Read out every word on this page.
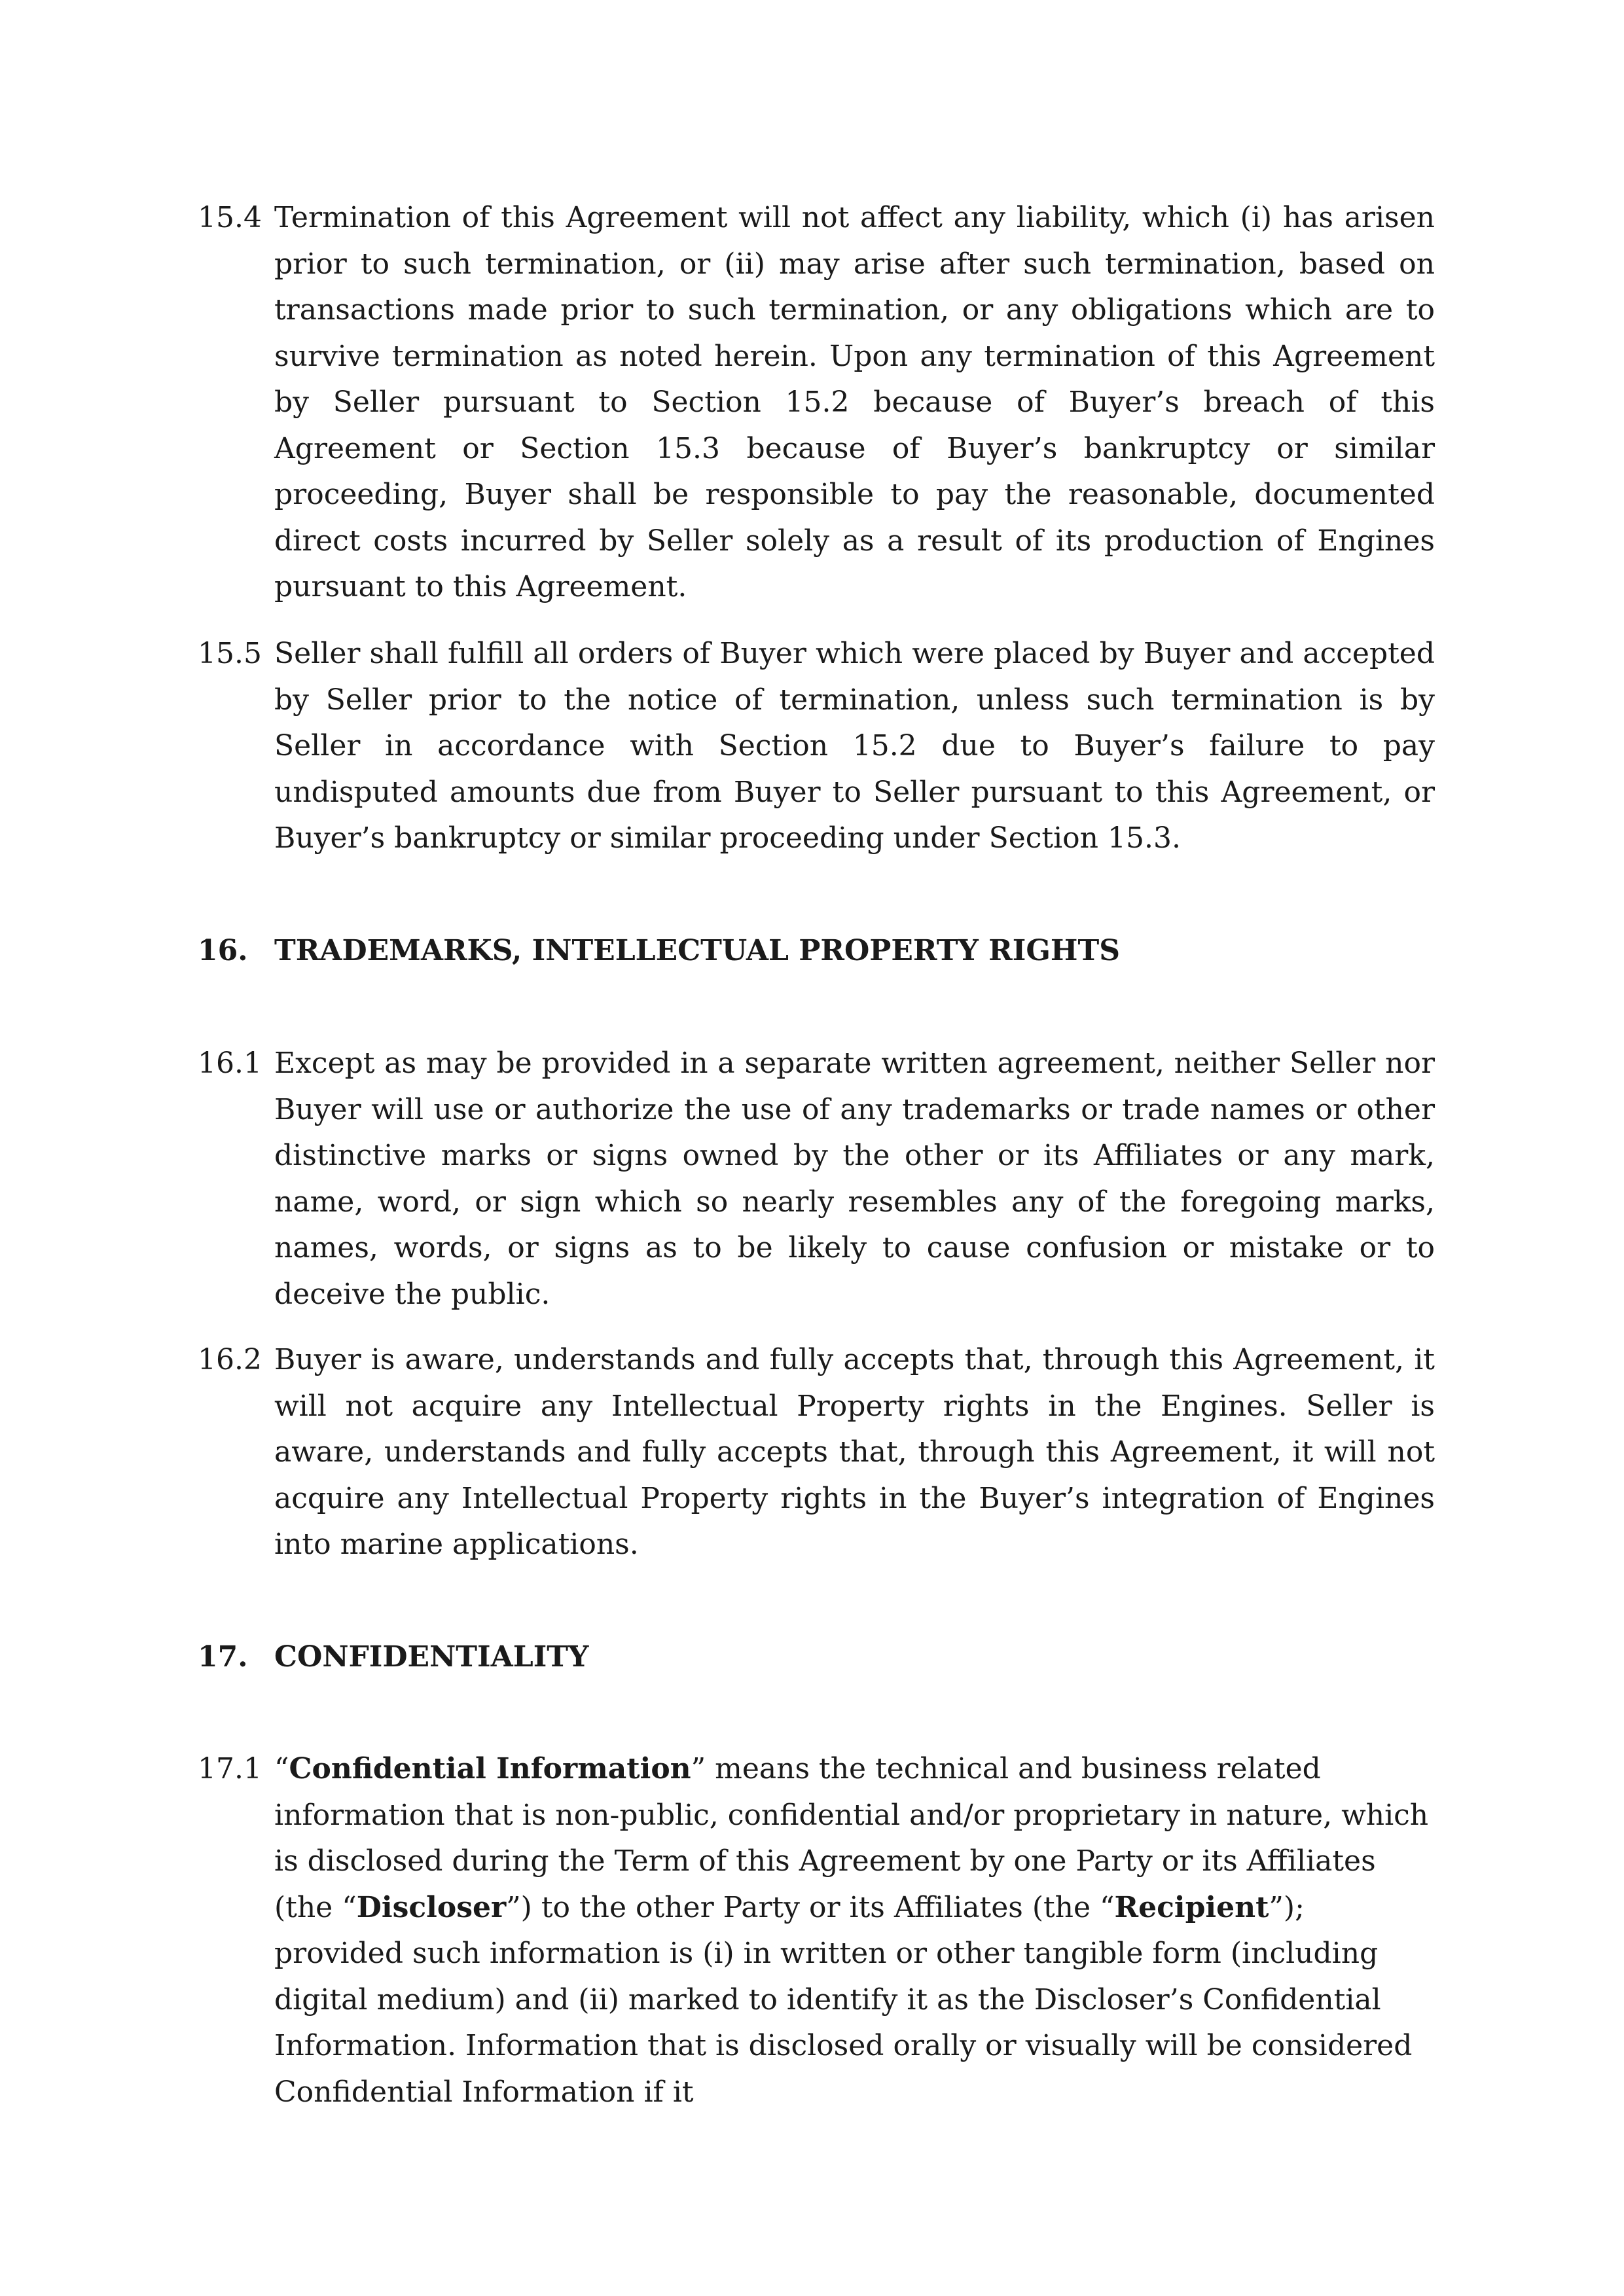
15.4 Termination of this Agreement will not affect any liability, which (i) has arisen prior to such termination, or (ii) may arise after such termination, based on transactions made prior to such termination, or any obligations which are to survive termination as noted herein. Upon any termination of this Agreement by Seller pursuant to Section 15.2 because of Buyer’s breach of this Agreement or Section 15.3 because of Buyer’s bankruptcy or similar proceeding, Buyer shall be responsible to pay the reasonable, documented direct costs incurred by Seller solely as a result of its production of Engines pursuant to this Agreement.
15.5 Seller shall fulfill all orders of Buyer which were placed by Buyer and accepted by Seller prior to the notice of termination, unless such termination is by Seller in accordance with Section 15.2 due to Buyer’s failure to pay undisputed amounts due from Buyer to Seller pursuant to this Agreement, or Buyer’s bankruptcy or similar proceeding under Section 15.3.
16. TRADEMARKS, INTELLECTUAL PROPERTY RIGHTS
16.1 Except as may be provided in a separate written agreement, neither Seller nor Buyer will use or authorize the use of any trademarks or trade names or other distinctive marks or signs owned by the other or its Affiliates or any mark, name, word, or sign which so nearly resembles any of the foregoing marks, names, words, or signs as to be likely to cause confusion or mistake or to deceive the public.
16.2 Buyer is aware, understands and fully accepts that, through this Agreement, it will not acquire any Intellectual Property rights in the Engines. Seller is aware, understands and fully accepts that, through this Agreement, it will not acquire any Intellectual Property rights in the Buyer’s integration of Engines into marine applications.
17. CONFIDENTIALITY
17.1 “Confidential Information” means the technical and business related information that is non-public, confidential and/or proprietary in nature, which is disclosed during the Term of this Agreement by one Party or its Affiliates (the “Discloser”) to the other Party or its Affiliates (the “Recipient”); provided such information is (i) in written or other tangible form (including digital medium) and (ii) marked to identify it as the Discloser’s Confidential Information. Information that is disclosed orally or visually will be considered Confidential Information if it
